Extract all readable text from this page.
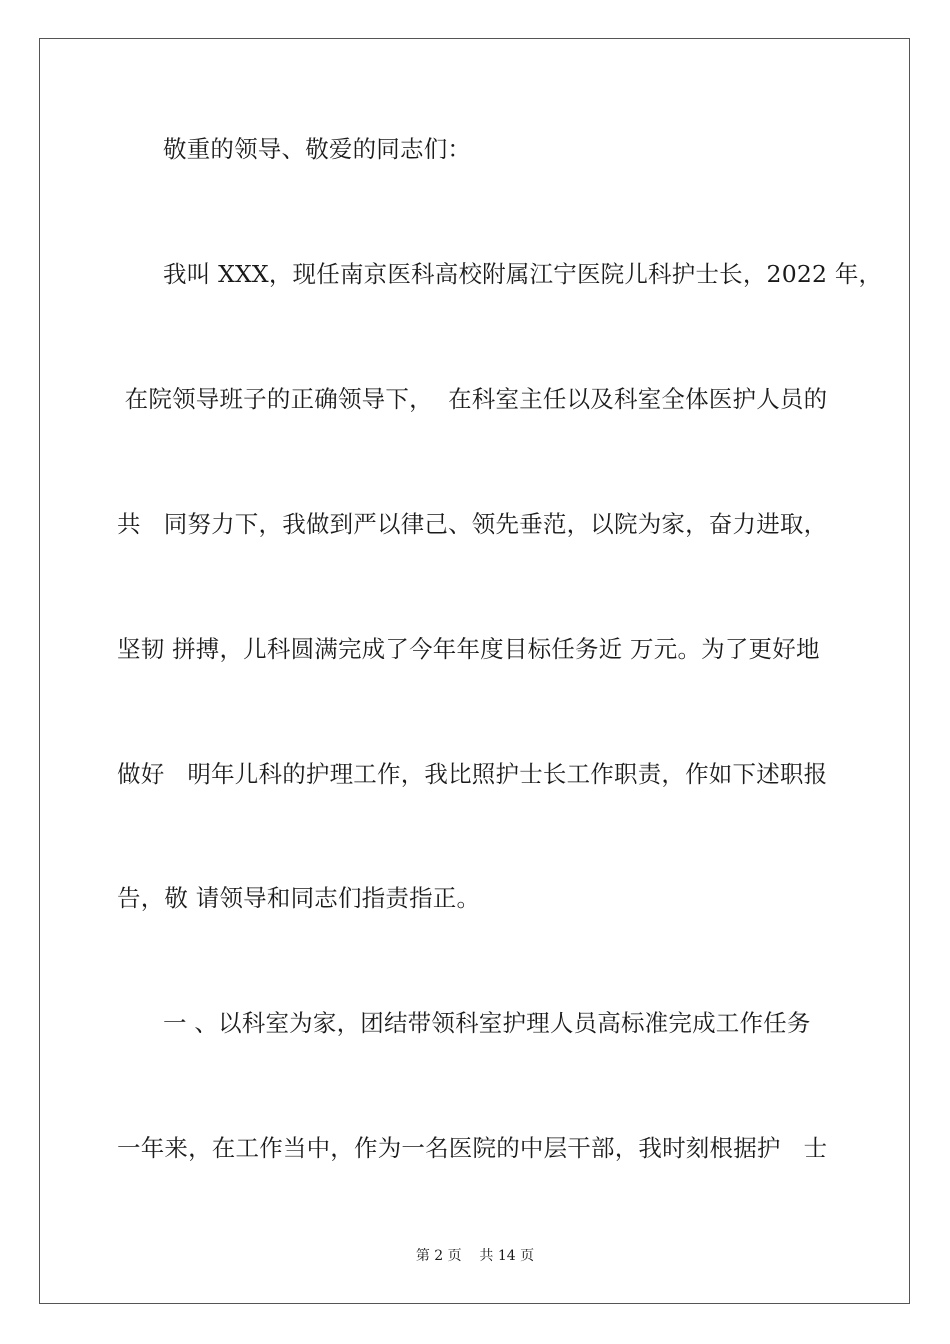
敬重的领导、敬爱的同志们：
我叫 XXX，现任南京医科高校附属江宁医院儿科护士长，2022 年，
在院领导班子的正确领导下，  在科室主任以及科室全体医护人员的
共   同努力下，我做到严以律己、领先垂范，以院为家，奋力进取，
坚韧 拼搏，儿科圆满完成了今年年度目标任务近 万元。为了更好地
做好   明年儿科的护理工作，我比照护士长工作职责，作如下述职报
告，敬 请领导和同志们指责指正。
一 、以科室为家，团结带领科室护理人员高标准完成工作任务
一年来，在工作当中，作为一名医院的中层干部，我时刻根据护   士
第 2 页    共 14 页
